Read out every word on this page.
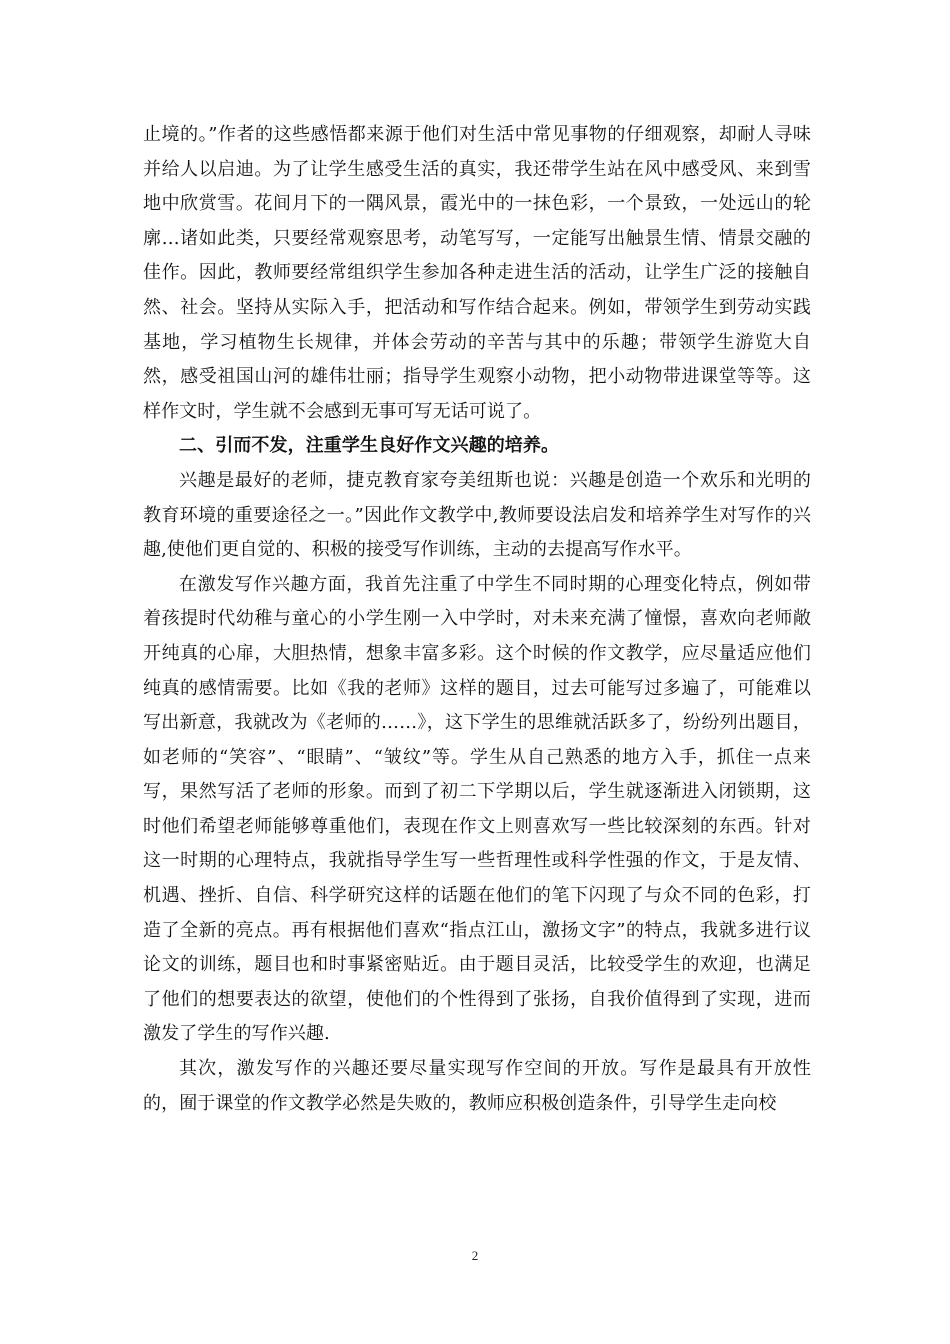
止境的。”作者的这些感悟都来源于他们对生活中常见事物的仔细观察，却耐人寻味并给人以启迪。为了让学生感受生活的真实，我还带学生站在风中感受风、来到雪地中欣赏雪。花间月下的一隅风景，霞光中的一抹色彩，一个景致，一处远山的轮廓…诸如此类，只要经常观察思考，动笔写写，一定能写出触景生情、情景交融的佳作。因此，教师要经常组织学生参加各种走进生活的活动，让学生广泛的接触自然、社会。坚持从实际入手，把活动和写作结合起来。例如，带领学生到劳动实践基地，学习植物生长规律，并体会劳动的辛苦与其中的乐趣；带领学生游览大自然，感受祖国山河的雄伟壮丽；指导学生观察小动物，把小动物带进课堂等等。这样作文时，学生就不会感到无事可写无话可说了。

二、引而不发，注重学生良好作文兴趣的培养。

兴趣是最好的老师，捷克教育家夸美纽斯也说：兴趣是创造一个欢乐和光明的教育环境的重要途径之一。”因此作文教学中,教师要设法启发和培养学生对写作的兴趣,使他们更自觉的、积极的接受写作训练，主动的去提高写作水平。

在激发写作兴趣方面，我首先注重了中学生不同时期的心理变化特点，例如带着孩提时代幼稚与童心的小学生刚一入中学时，对未来充满了憧憬，喜欢向老师敞开纯真的心扉，大胆热情，想象丰富多彩。这个时候的作文教学，应尽量适应他们纯真的感情需要。比如《我的老师》这样的题目，过去可能写过多遍了，可能难以写出新意，我就改为《老师的……》，这下学生的思维就活跃多了，纷纷列出题目，如老师的“笑容”、“眼睛”、“皱纹”等。学生从自己熟悉的地方入手，抓住一点来写，果然写活了老师的形象。而到了初二下学期以后，学生就逐渐进入闭锁期，这时他们希望老师能够尊重他们，表现在作文上则喜欢写一些比较深刻的东西。针对这一时期的心理特点，我就指导学生写一些哲理性或科学性强的作文，于是友情、机遇、挫折、自信、科学研究这样的话题在他们的笔下闪现了与众不同的色彩，打造了全新的亮点。再有根据他们喜欢“指点江山，激扬文字”的特点，我就多进行议论文的训练，题目也和时事紧密贴近。由于题目灵活，比较受学生的欢迎，也满足了他们的想要表达的欲望，使他们的个性得到了张扬，自我价值得到了实现，进而激发了学生的写作兴趣.

其次，激发写作的兴趣还要尽量实现写作空间的开放。写作是最具有开放性的，囿于课堂的作文教学必然是失败的，教师应积极创造条件，引导学生走向校

2
